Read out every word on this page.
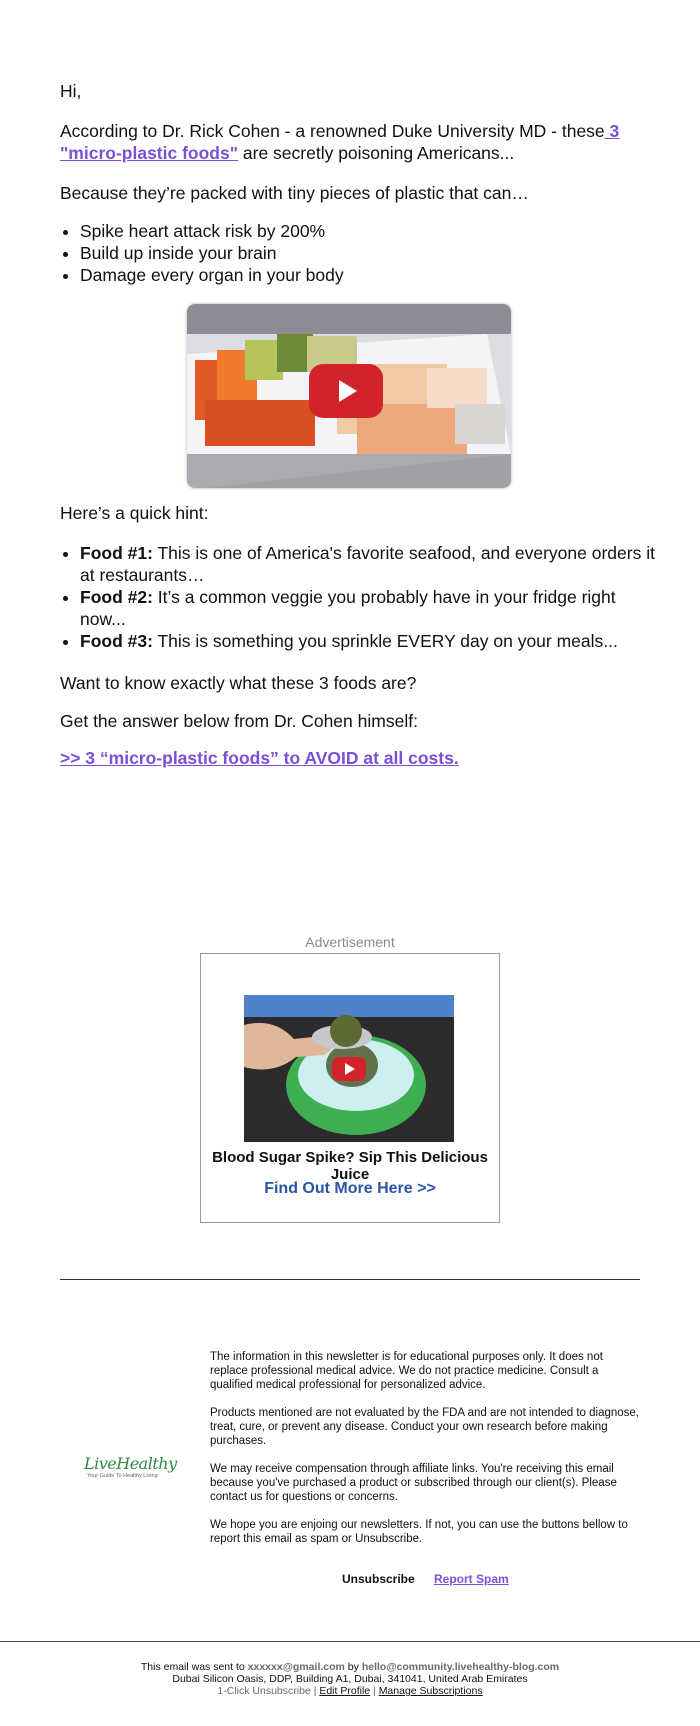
Hi,

According to Dr. Rick Cohen - a renowned Duke University MD - these 3 "micro-plastic foods" are secretly poisoning Americans...

Because they’re packed with tiny pieces of plastic that can…

• Spike heart attack risk by 200%
• Build up inside your brain
• Damage every organ in your body

Here’s a quick hint:

• Food #1: This is one of America's favorite seafood, and everyone orders it at restaurants…
• Food #2: It’s a common veggie you probably have in your fridge right now...
• Food #3: This is something you sprinkle EVERY day on your meals...

Want to know exactly what these 3 foods are?

Get the answer below from Dr. Cohen himself:

>> 3 “micro-plastic foods” to AVOID at all costs.
Advertisement
Blood Sugar Spike? Sip This Delicious Juice
Find Out More Here >>
LiveHealthy
Your Guide To Healthy Living

The information in this newsletter is for educational purposes only. It does not replace professional medical advice. We do not practice medicine. Consult a qualified medical professional for personalized advice.

Products mentioned are not evaluated by the FDA and are not intended to diagnose, treat, cure, or prevent any disease. Conduct your own research before making purchases.

We may receive compensation through affiliate links. You're receiving this email because you've purchased a product or subscribed through our client(s). Please contact us for questions or concerns.

We hope you are enjoing our newsletters. If not, you can use the buttons bellow to report this email as spam or Unsubscribe.

Unsubscribe Report Spam
This email was sent to xxxxxx@gmail.com by hello@community.livehealthy-blog.com
Dubai Silicon Oasis, DDP, Building A1, Dubai, 341041, United Arab Emirates
1-Click Unsubscribe | Edit Profile | Manage Subscriptions
